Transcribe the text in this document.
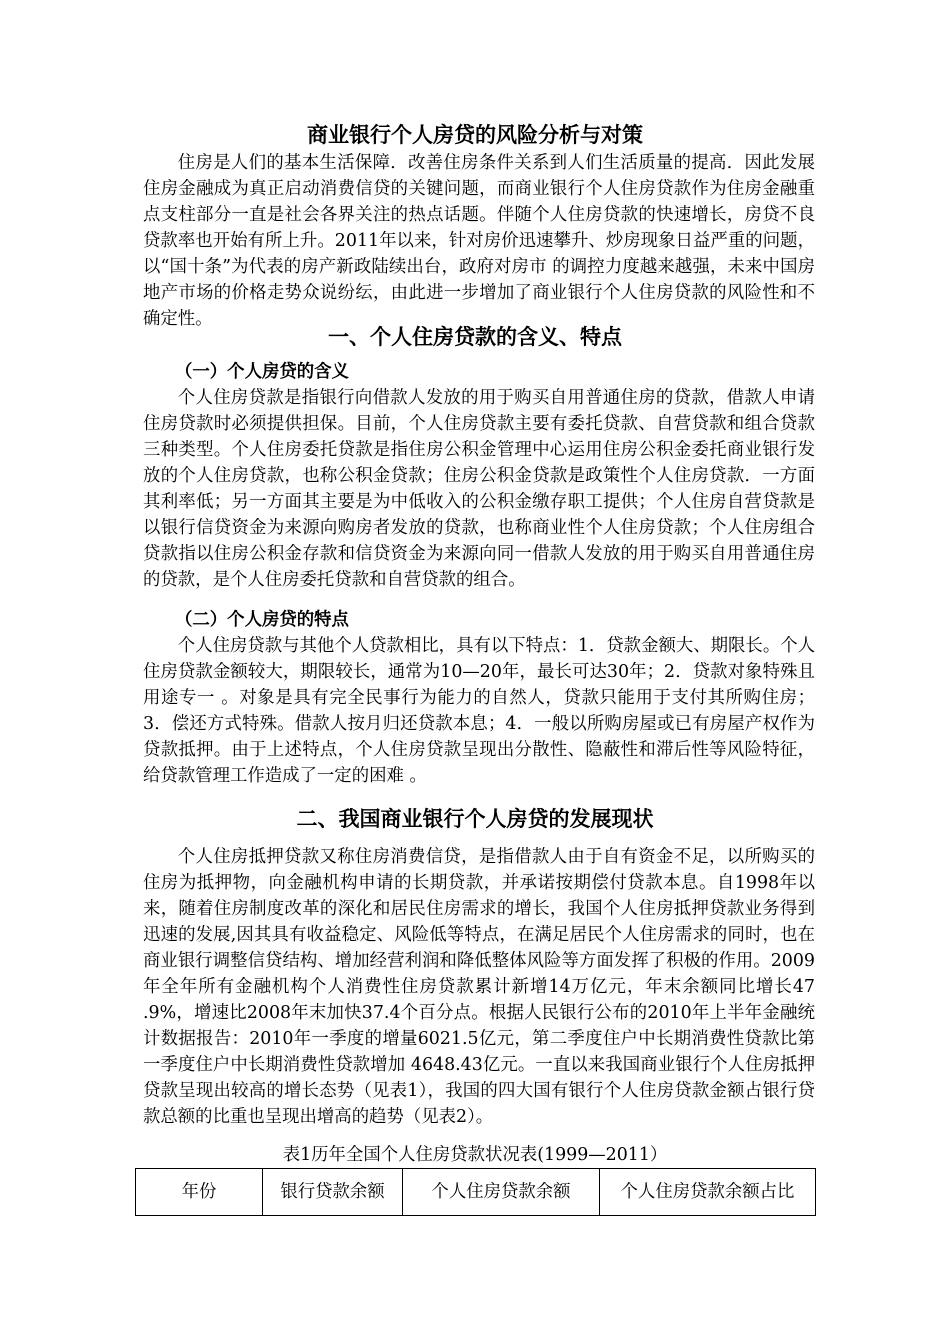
商业银行个人房贷的风险分析与对策
住房是人们的基本生活保障．改善住房条件关系到人们生活质量的提高．因此发展住房金融成为真正启动消费信贷的关键问题，而商业银行个人住房贷款作为住房金融重点支柱部分一直是社会各界关注的热点话题。伴随个人住房贷款的快速增长，房贷不良贷款率也开始有所上升。2011年以来，针对房价迅速攀升、炒房现象日益严重的问题，以“国十条”为代表的房产新政陆续出台，政府对房市 的调控力度越来越强，未来中国房地产市场的价格走势众说纷纭，由此进一步增加了商业银行个人住房贷款的风险性和不确定性。
一、个人住房贷款的含义、特点
（一）个人房贷的含义
个人住房贷款是指银行向借款人发放的用于购买自用普通住房的贷款，借款人申请住房贷款时必须提供担保。目前，个人住房贷款主要有委托贷款、自营贷款和组合贷款三种类型。个人住房委托贷款是指住房公积金管理中心运用住房公积金委托商业银行发放的个人住房贷款，也称公积金贷款；住房公积金贷款是政策性个人住房贷款．一方面其利率低；另一方面其主要是为中低收入的公积金缴存职工提供；个人住房自营贷款是以银行信贷资金为来源向购房者发放的贷款，也称商业性个人住房贷款；个人住房组合贷款指以住房公积金存款和信贷资金为来源向同一借款人发放的用于购买自用普通住房的贷款，是个人住房委托贷款和自营贷款的组合。
（二）个人房贷的特点
个人住房贷款与其他个人贷款相比，具有以下特点：1．贷款金额大、期限长。个人住房贷款金额较大，期限较长，通常为10—20年，最长可达30年；2．贷款对象特殊且用途专一 。对象是具有完全民事行为能力的自然人，贷款只能用于支付其所购住房；3．偿还方式特殊。借款人按月归还贷款本息；4．一般以所购房屋或已有房屋产权作为贷款抵押。由于上述特点，个人住房贷款呈现出分散性、隐蔽性和滞后性等风险特征，给贷款管理工作造成了一定的困难 。
二、我国商业银行个人房贷的发展现状
个人住房抵押贷款又称住房消费信贷，是指借款人由于自有资金不足，以所购买的住房为抵押物，向金融机构申请的长期贷款，并承诺按期偿付贷款本息。自1998年以来，随着住房制度改革的深化和居民住房需求的增长，我国个人住房抵押贷款业务得到迅速的发展,因其具有收益稳定、风险低等特点，在满足居民个人住房需求的同时，也在商业银行调整信贷结构、增加经营利润和降低整体风险等方面发挥了积极的作用。2009年全年所有金融机构个人消费性住房贷款累计新增14万亿元，年末余额同比增长47 .9%，增速比2008年末加快37.4个百分点。根据人民银行公布的2010年上半年金融统计数据报告：2010年一季度的增量6021.5亿元，第二季度住户中长期消费性贷款比第一季度住户中长期消费性贷款增加 4648.43亿元。一直以来我国商业银行个人住房抵押贷款呈现出较高的增长态势（见表1），我国的四大国有银行个人住房贷款金额占银行贷款总额的比重也呈现出增高的趋势（见表2）。
表1历年全国个人住房贷款状况表(1999—2011）
年份	银行贷款余额	个人住房贷款余额	个人住房贷款余额占比
